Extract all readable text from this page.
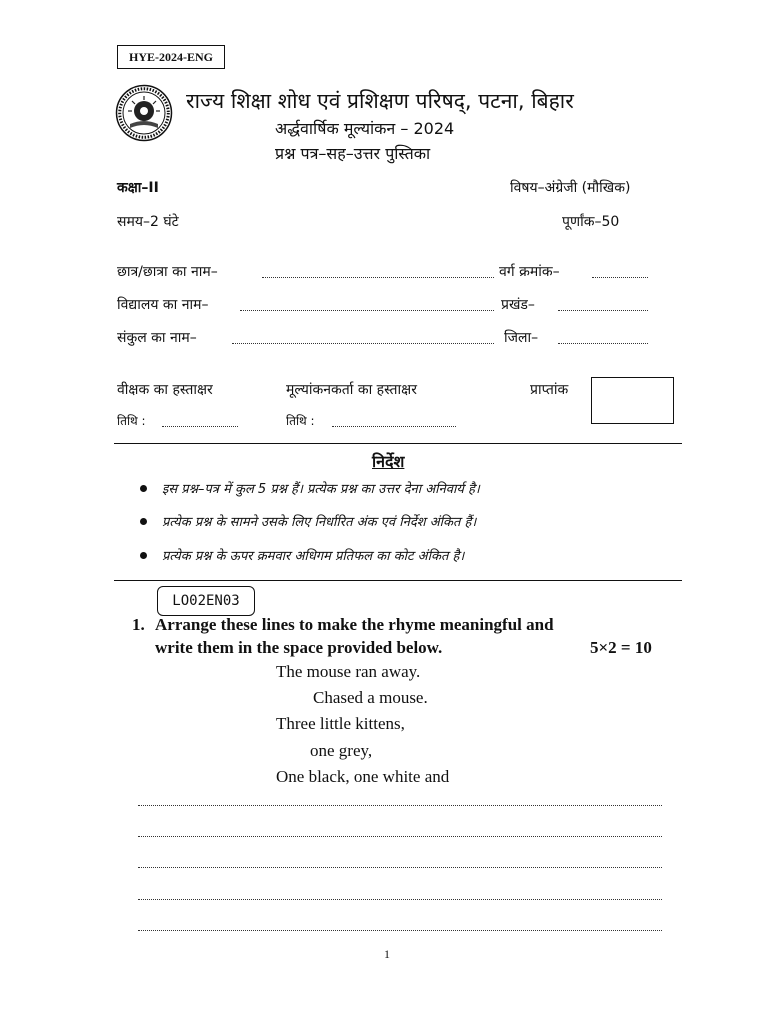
HYE-2024-ENG
राज्य शिक्षा शोध एवं प्रशिक्षण परिषद्, पटना, बिहार
अर्द्धवार्षिक मूल्यांकन – 2024
प्रश्न पत्र–सह–उत्तर पुस्तिका
कक्षा–II	विषय–अंग्रेजी (मौखिक)
समय–2 घंटे	पूर्णांक–50
छात्र/छात्रा का नाम–	वर्ग क्रमांक–
विद्यालय का नाम–	प्रखंड–
संकुल का नाम–	जिला–
वीक्षक का हस्ताक्षर	मूल्यांकनकर्ता का हस्ताक्षर	प्राप्तांक
तिथि :	तिथि :
निर्देश
इस प्रश्न–पत्र में कुल 5 प्रश्न हैं। प्रत्येक प्रश्न का उत्तर देना अनिवार्य है।
प्रत्येक प्रश्न के सामने उसके लिए निर्धारित अंक एवं निर्देश अंकित हैं।
प्रत्येक प्रश्न के ऊपर क्रमवार अधिगम प्रतिफल का कोट अंकित है।
LO02EN03
1. Arrange these lines to make the rhyme meaningful and
write them in the space provided below.	5×2 = 10
The mouse ran away.
Chased a mouse.
Three little kittens,
one grey,
One black, one white and
1
